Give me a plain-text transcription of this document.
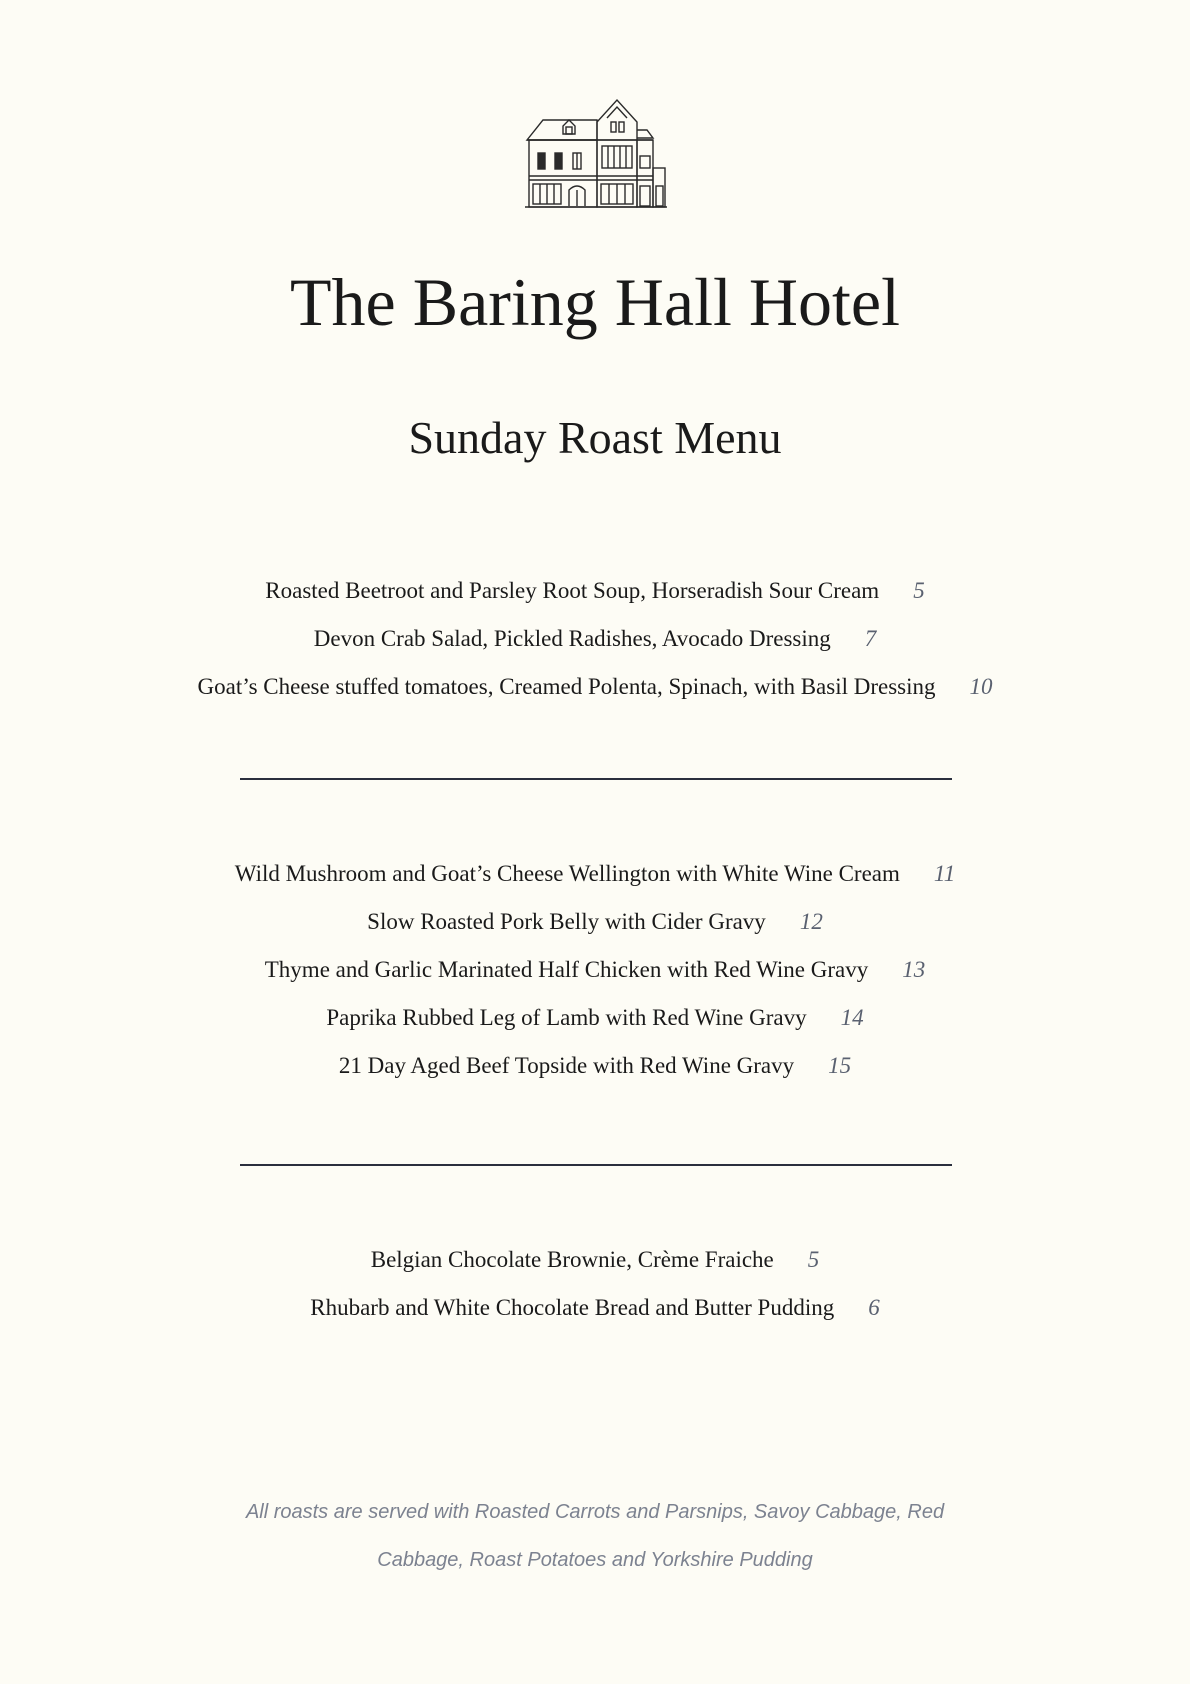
The Baring Hall Hotel
Sunday Roast Menu
Roasted Beetroot and Parsley Root Soup, Horseradish Sour Cream 5
Devon Crab Salad, Pickled Radishes, Avocado Dressing 7
Goat’s Cheese stuffed tomatoes, Creamed Polenta, Spinach, with Basil Dressing 10
Wild Mushroom and Goat’s Cheese Wellington with White Wine Cream 11
Slow Roasted Pork Belly with Cider Gravy 12
Thyme and Garlic Marinated Half Chicken with Red Wine Gravy 13
Paprika Rubbed Leg of Lamb with Red Wine Gravy 14
21 Day Aged Beef Topside with Red Wine Gravy 15
Belgian Chocolate Brownie, Crème Fraiche 5
Rhubarb and White Chocolate Bread and Butter Pudding 6
All roasts are served with Roasted Carrots and Parsnips, Savoy Cabbage, Red
Cabbage, Roast Potatoes and Yorkshire Pudding
